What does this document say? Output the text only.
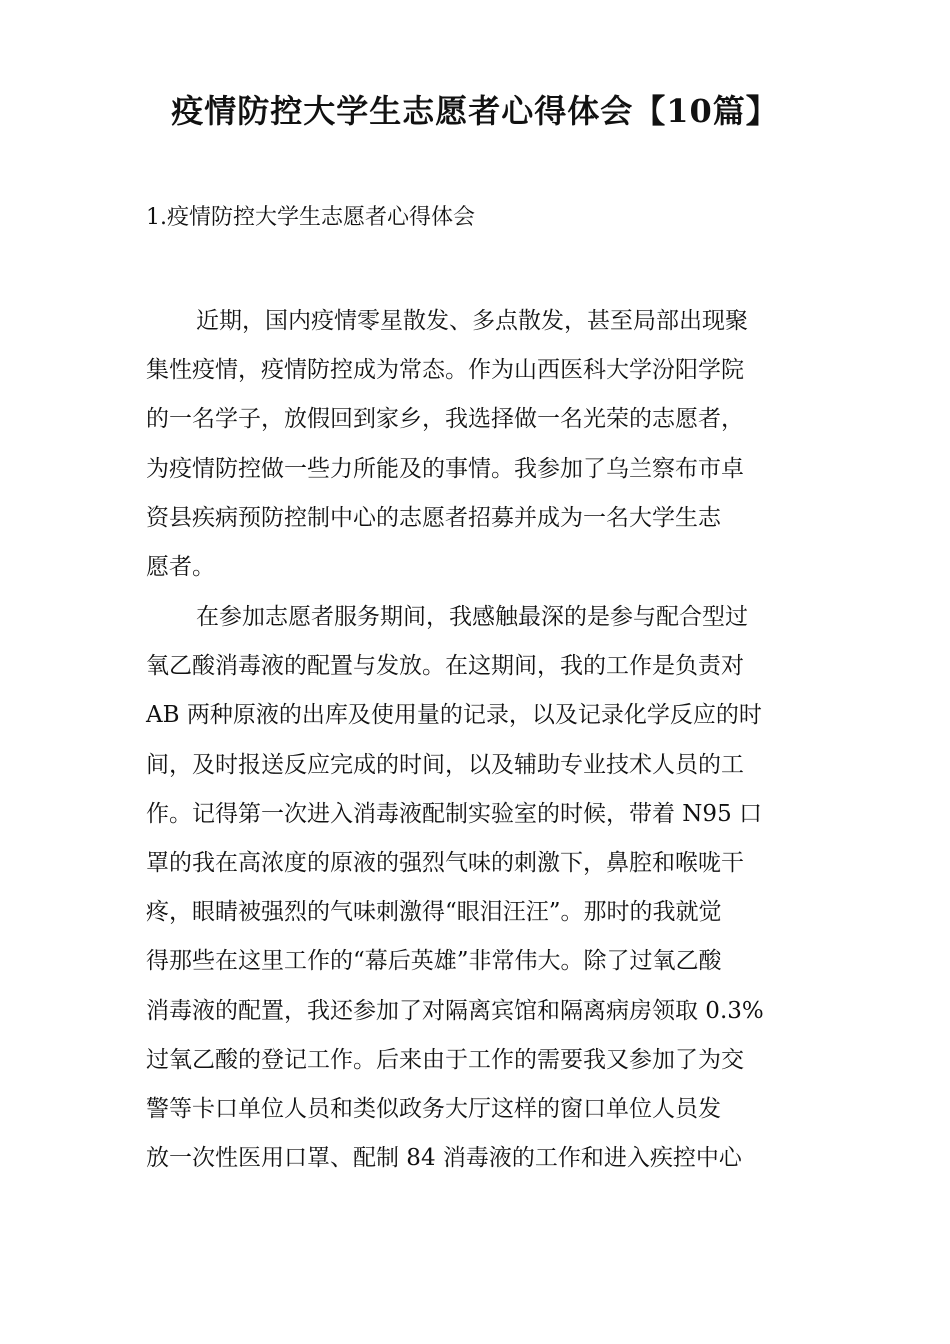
疫情防控大学生志愿者心得体会【10篇】
1.疫情防控大学生志愿者心得体会
近期，国内疫情零星散发、多点散发，甚至局部出现聚
集性疫情，疫情防控成为常态。作为山西医科大学汾阳学院
的一名学子，放假回到家乡，我选择做一名光荣的志愿者，
为疫情防控做一些力所能及的事情。我参加了乌兰察布市卓
资县疾病预防控制中心的志愿者招募并成为一名大学生志
愿者。
在参加志愿者服务期间，我感触最深的是参与配合型过
氧乙酸消毒液的配置与发放。在这期间，我的工作是负责对
AB 两种原液的出库及使用量的记录，以及记录化学反应的时
间，及时报送反应完成的时间，以及辅助专业技术人员的工
作。记得第一次进入消毒液配制实验室的时候，带着 N95 口
罩的我在高浓度的原液的强烈气味的刺激下，鼻腔和喉咙干
疼，眼睛被强烈的气味刺激得“眼泪汪汪”。那时的我就觉
得那些在这里工作的“幕后英雄”非常伟大。除了过氧乙酸
消毒液的配置，我还参加了对隔离宾馆和隔离病房领取 0.3%
过氧乙酸的登记工作。后来由于工作的需要我又参加了为交
警等卡口单位人员和类似政务大厅这样的窗口单位人员发
放一次性医用口罩、配制 84 消毒液的工作和进入疾控中心
